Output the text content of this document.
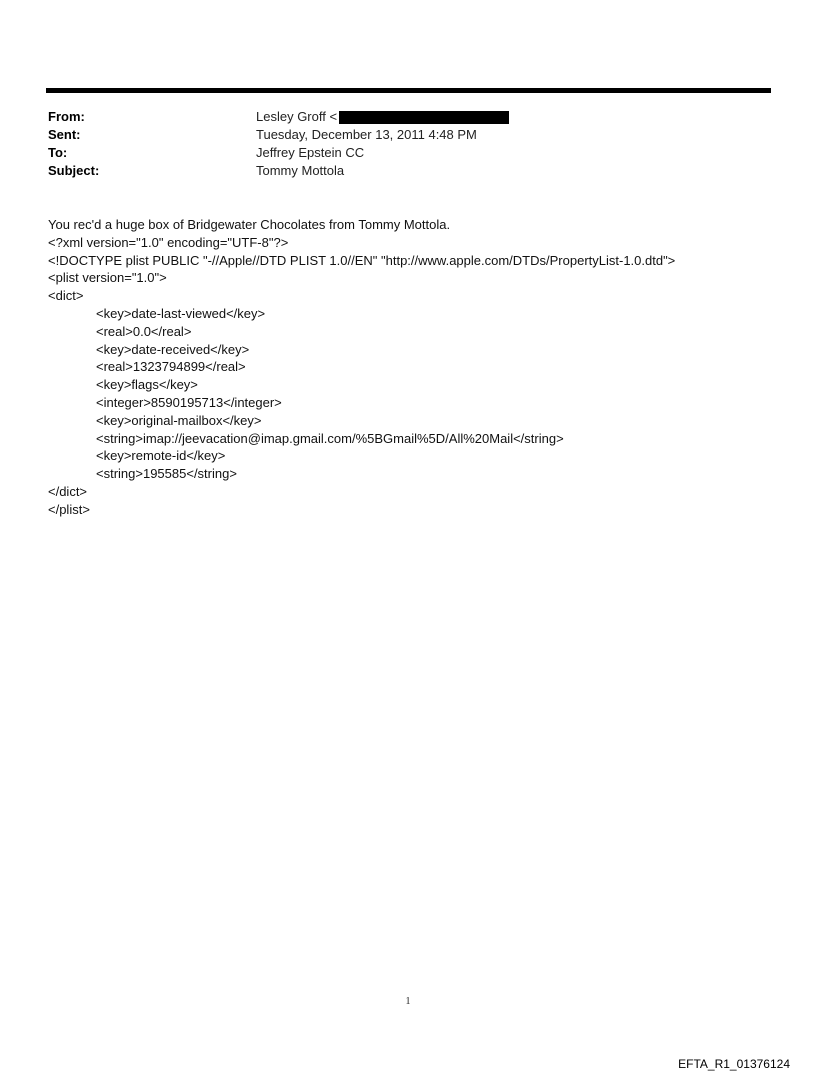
From:	Lesley Groff <
Sent:	Tuesday, December 13, 2011 4:48 PM
To:	Jeffrey Epstein CC
Subject:	Tommy Mottola
You rec'd a huge box of Bridgewater Chocolates from Tommy Mottola.
<?xml version="1.0" encoding="UTF-8"?>
<!DOCTYPE plist PUBLIC "-//Apple//DTD PLIST 1.0//EN" "http://www.apple.com/DTDs/PropertyList-1.0.dtd">
<plist version="1.0">
<dict>
<key>date-last-viewed</key>
<real>0.0</real>
<key>date-received</key>
<real>1323794899</real>
<key>flags</key>
<integer>8590195713</integer>
<key>original-mailbox</key>
<string>imap://jeevacation@imap.gmail.com/%5BGmail%5D/All%20Mail</string>
<key>remote-id</key>
<string>195585</string>
</dict>
</plist>
1
EFTA_R1_01376124
